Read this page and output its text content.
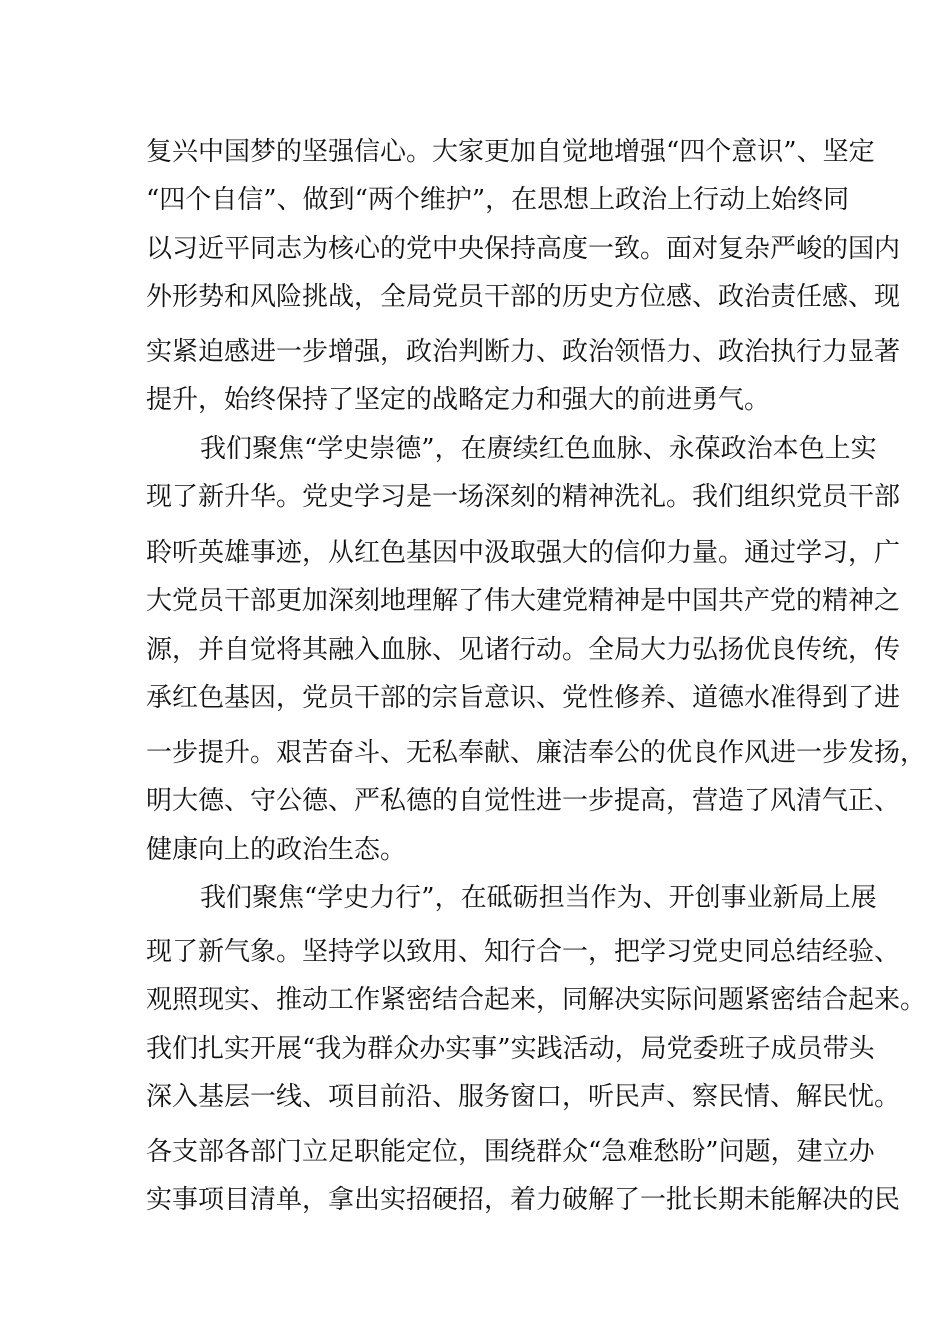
复兴中国梦的坚强信心。大家更加自觉地增强“四个意识”、坚定
“四个自信”、做到“两个维护”，在思想上政治上行动上始终同
以习近平同志为核心的党中央保持高度一致。面对复杂严峻的国内
外形势和风险挑战，全局党员干部的历史方位感、政治责任感、现
实紧迫感进一步增强，政治判断力、政治领悟力、政治执行力显著
提升，始终保持了坚定的战略定力和强大的前进勇气。
我们聚焦“学史崇德”，在赓续红色血脉、永葆政治本色上实
现了新升华。党史学习是一场深刻的精神洗礼。我们组织党员干部
聆听英雄事迹，从红色基因中汲取强大的信仰力量。通过学习，广
大党员干部更加深刻地理解了伟大建党精神是中国共产党的精神之
源，并自觉将其融入血脉、见诸行动。全局大力弘扬优良传统，传
承红色基因，党员干部的宗旨意识、党性修养、道德水准得到了进
一步提升。艰苦奋斗、无私奉献、廉洁奉公的优良作风进一步发扬，
明大德、守公德、严私德的自觉性进一步提高，营造了风清气正、
健康向上的政治生态。
我们聚焦“学史力行”，在砥砺担当作为、开创事业新局上展
现了新气象。坚持学以致用、知行合一，把学习党史同总结经验、
观照现实、推动工作紧密结合起来，同解决实际问题紧密结合起来。
我们扎实开展“我为群众办实事”实践活动，局党委班子成员带头
深入基层一线、项目前沿、服务窗口，听民声、察民情、解民忧。
各支部各部门立足职能定位，围绕群众“急难愁盼”问题，建立办
实事项目清单，拿出实招硬招，着力破解了一批长期未能解决的民
